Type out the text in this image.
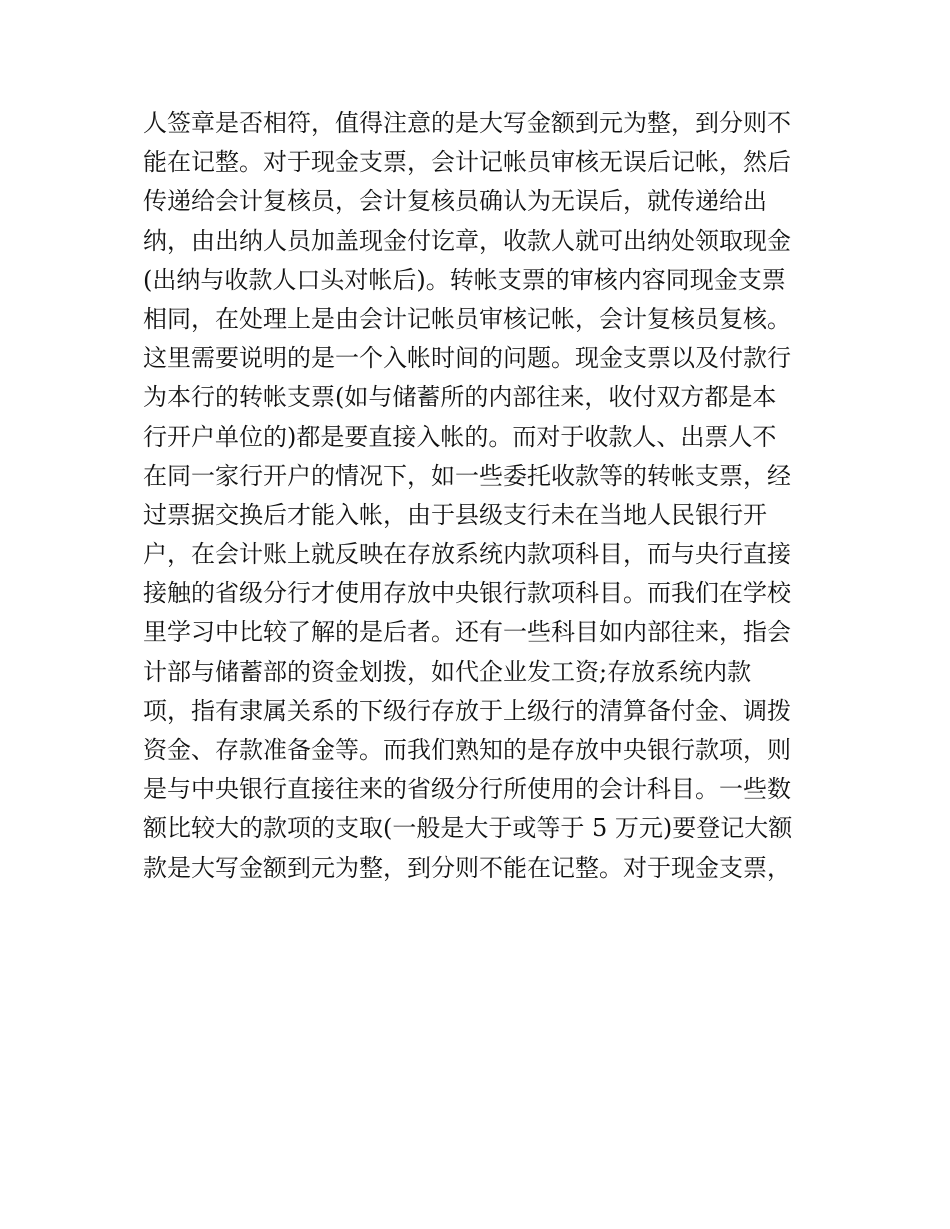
人签章是否相符，值得注意的是大写金额到元为整，到分则不
能在记整。对于现金支票，会计记帐员审核无误后记帐，然后
传递给会计复核员，会计复核员确认为无误后，就传递给出
纳，由出纳人员加盖现金付讫章，收款人就可出纳处领取现金
(出纳与收款人口头对帐后)。转帐支票的审核内容同现金支票
相同，在处理上是由会计记帐员审核记帐，会计复核员复核。
这里需要说明的是一个入帐时间的问题。现金支票以及付款行
为本行的转帐支票(如与储蓄所的内部往来，收付双方都是本
行开户单位的)都是要直接入帐的。而对于收款人、出票人不
在同一家行开户的情况下，如一些委托收款等的转帐支票，经
过票据交换后才能入帐，由于县级支行未在当地人民银行开
户，在会计账上就反映在存放系统内款项科目，而与央行直接
接触的省级分行才使用存放中央银行款项科目。而我们在学校
里学习中比较了解的是后者。还有一些科目如内部往来，指会
计部与储蓄部的资金划拨，如代企业发工资;存放系统内款
项，指有隶属关系的下级行存放于上级行的清算备付金、调拨
资金、存款准备金等。而我们熟知的是存放中央银行款项，则
是与中央银行直接往来的省级分行所使用的会计科目。一些数
额比较大的款项的支取(一般是大于或等于 5 万元)要登记大额
款是大写金额到元为整，到分则不能在记整。对于现金支票，
